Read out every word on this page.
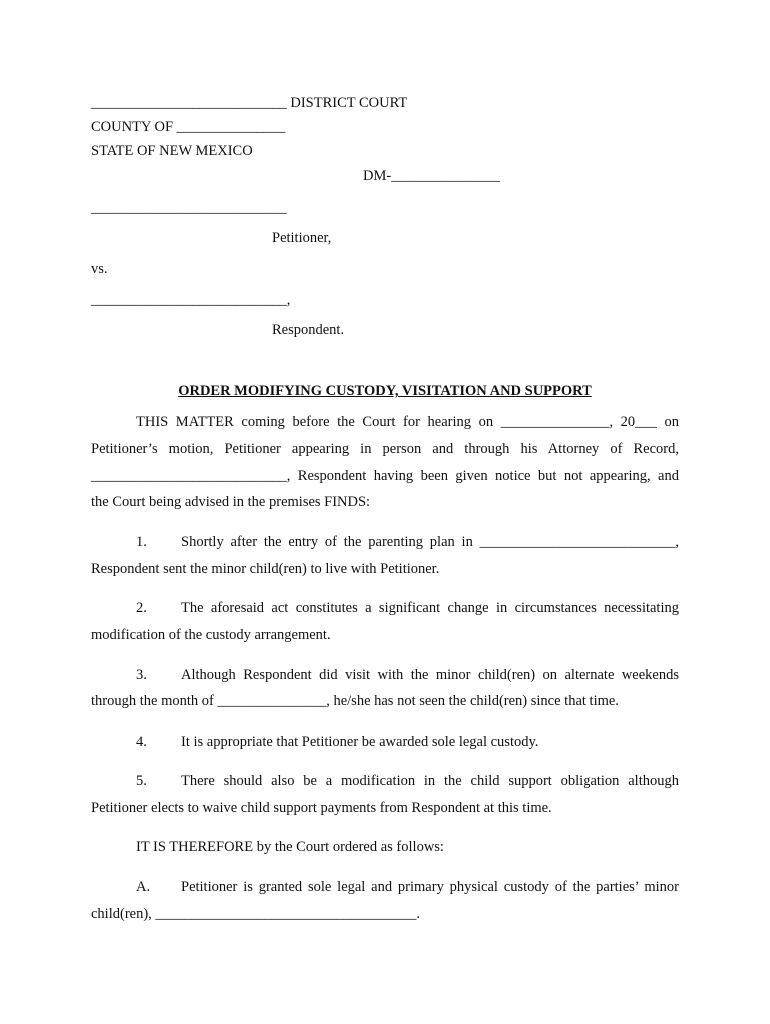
___________________________ DISTRICT COURT
COUNTY OF _______________
STATE OF NEW MEXICO
DM-_______________
___________________________
Petitioner,
vs.
___________________________,
Respondent.
ORDER MODIFYING CUSTODY, VISITATION AND SUPPORT
THIS MATTER coming before the Court for hearing on _______________, 20___ on
Petitioner’s motion, Petitioner appearing in person and through his Attorney of Record,
___________________________, Respondent having been given notice but not appearing, and
the Court being advised in the premises FINDS:
1. Shortly after the entry of the parenting plan in ___________________________,
Respondent sent the minor child(ren) to live with Petitioner.
2. The aforesaid act constitutes a significant change in circumstances necessitating
modification of the custody arrangement.
3. Although Respondent did visit with the minor child(ren) on alternate weekends
through the month of _______________, he/she has not seen the child(ren) since that time.
4. It is appropriate that Petitioner be awarded sole legal custody.
5. There should also be a modification in the child support obligation although
Petitioner elects to waive child support payments from Respondent at this time.
IT IS THEREFORE by the Court ordered as follows:
A. Petitioner is granted sole legal and primary physical custody of the parties’ minor
child(ren), ____________________________________.
